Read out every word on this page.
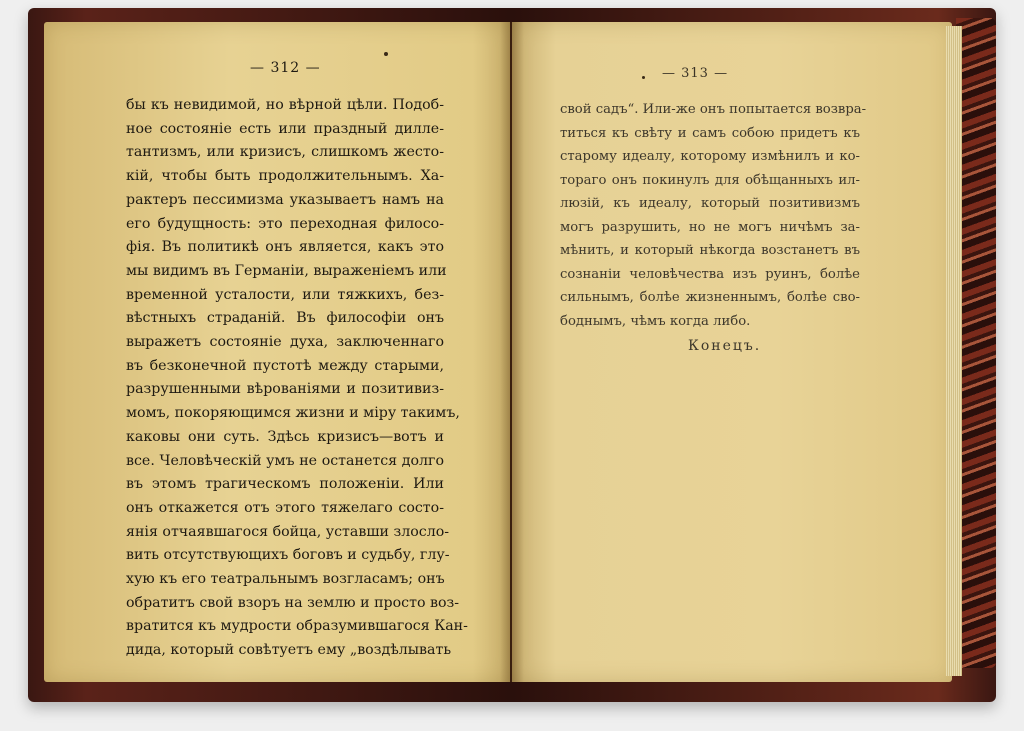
— 312 —
бы къ невидимой, но вѣрной цѣли. Подоб-
ное состояніе есть или праздный дилле-
тантизмъ, или кризисъ, слишкомъ жесто-
кій, чтобы быть продолжительнымъ. Ха-
рактеръ пессимизма указываетъ намъ на
его будущность: это переходная филосо-
фія. Въ политикѣ онъ является, какъ это
мы видимъ въ Германіи, выраженіемъ или
временной усталости, или тяжкихъ, без-
вѣстныхъ страданій. Въ философіи онъ
выражетъ состояніе духа, заключеннаго
въ безконечной пустотѣ между старыми,
разрушенными вѣрованіями и позитивиз-
момъ, покоряющимся жизни и міру такимъ,
каковы они суть. Здѣсь кризисъ—вотъ и
все. Человѣческій умъ не останется долго
въ этомъ трагическомъ положеніи. Или
онъ откажется отъ этого тяжелаго состо-
янія отчаявшагося бойца, уставши злосло-
вить отсутствующихъ боговъ и судьбу, глу-
хую къ его театральнымъ возгласамъ; онъ
обратитъ свой взоръ на землю и просто воз-
вратитcя къ мудрости образумившагося Кан-
дида, который совѣтуетъ ему „воздѣлывать
— 313 —
свой садъ“. Или-же онъ попытается возвра-
титься къ свѣту и самъ собою придетъ къ
старому идеалу, которому измѣнилъ и ко-
тораго онъ покинулъ для обѣщанныхъ ил-
люзій, къ идеалу, который позитивизмъ
могъ разрушить, но не могъ ничѣмъ за-
мѣнить, и который нѣкогда возстанетъ въ
сознаніи человѣчества изъ руинъ, болѣе
сильнымъ, болѣе жизненнымъ, болѣе сво-
боднымъ, чѣмъ когда либо.
Конецъ.
